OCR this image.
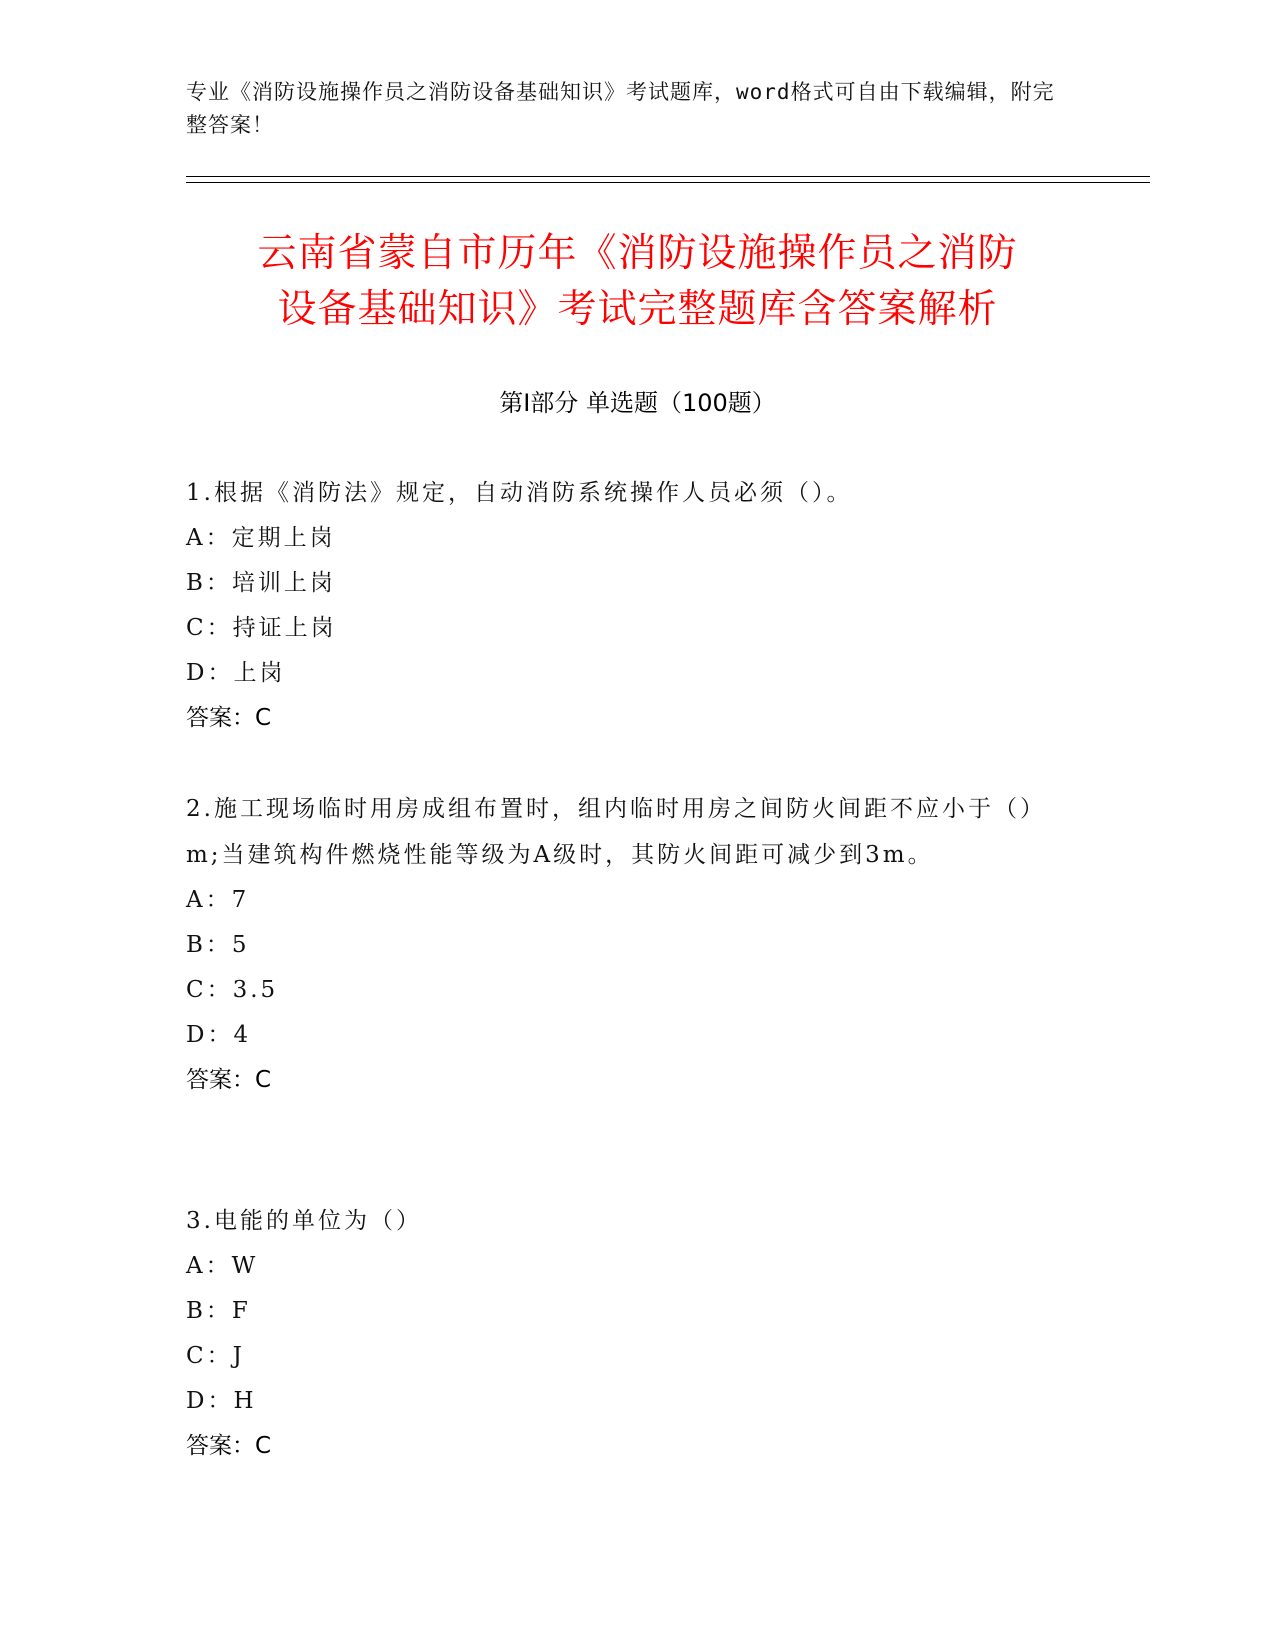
专业《消防设施操作员之消防设备基础知识》考试题库，word格式可自由下载编辑，附完整答案！
云南省蒙自市历年《消防设施操作员之消防
设备基础知识》考试完整题库含答案解析
第Ⅰ部分 单选题（100题）
1.根据《消防法》规定，自动消防系统操作人员必须（）。
A：定期上岗
B：培训上岗
C：持证上岗
D：上岗
答案：C
2.施工现场临时用房成组布置时，组内临时用房之间防火间距不应小于（）m;当建筑构件燃烧性能等级为A级时，其防火间距可减少到3m。
A：7
B：5
C：3.5
D：4
答案：C
3.电能的单位为（）
A：W
B：F
C：J
D：H
答案：C
